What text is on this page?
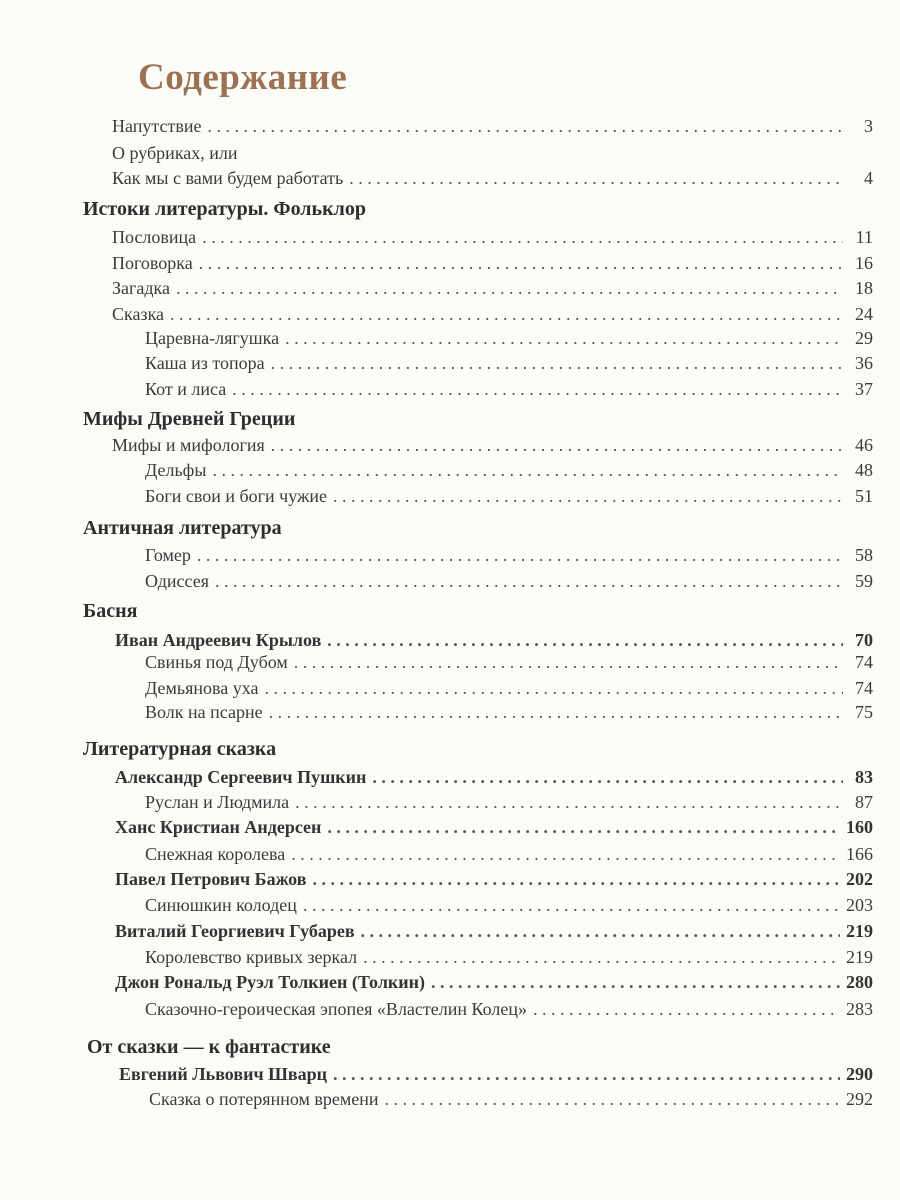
Содержание
Напутствие . . .	3
О рубриках, или
Как мы с вами будем работать . . .	4
Истоки литературы. Фольклор
Пословица . . .	11
Поговорка . . .	16
Загадка . . .	18
Сказка . . .	24
Царевна-лягушка . . .	29
Каша из топора . . .	36
Кот и лиса . . .	37
Мифы Древней Греции
Мифы и мифология . . .	46
Дельфы . . .	48
Боги свои и боги чужие . . .	51
Античная литература
Гомер . . .	58
Одиссея . . .	59
Басня
Иван Андреевич Крылов . . .	70
Свинья под Дубом . . .	74
Демьянова уха . . .	74
Волк на псарне . . .	75
Литературная сказка
Александр Сергеевич Пушкин . . .	83
Руслан и Людмила . . .	87
Ханс Кристиан Андерсен . . .	160
Снежная королева . . .	166
Павел Петрович Бажов . . .	202
Синюшкин колодец . . .	203
Виталий Георгиевич Губарев . . .	219
Королевство кривых зеркал . . .	219
Джон Рональд Руэл Толкиен (Толкин) . . .	280
Сказочно-героическая эпопея «Властелин Колец» . . .	283
От сказки — к фантастике
Евгений Львович Шварц . . .	290
Сказка о потерянном времени . . .	292
